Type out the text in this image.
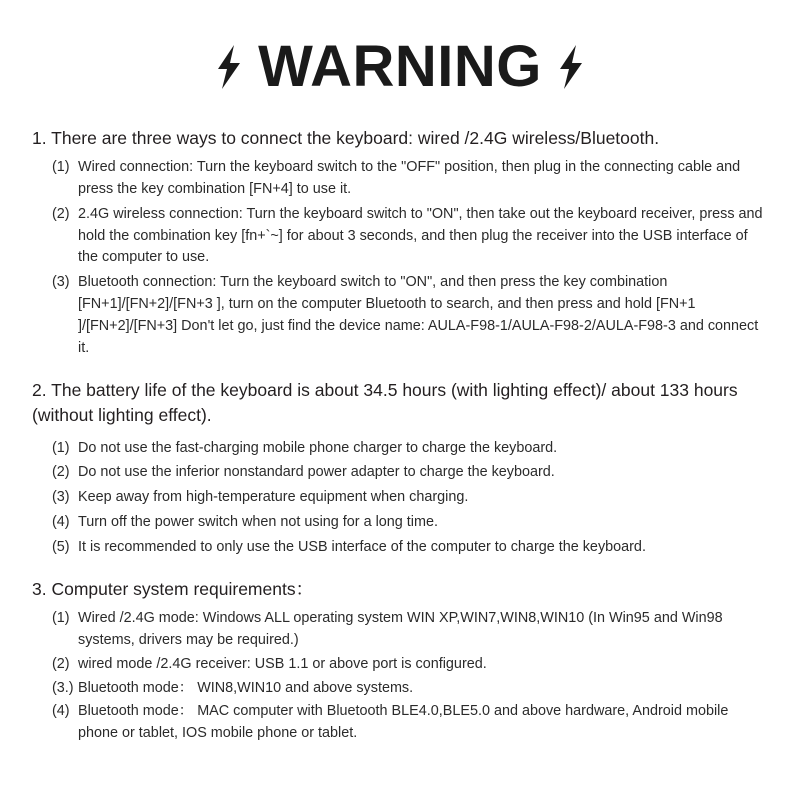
WARNING

1. There are three ways to connect the keyboard: wired /2.4G wireless/Bluetooth.

(1) Wired connection: Turn the keyboard switch to the "OFF" position, then plug in the connecting cable and press the key combination [FN+4] to use it.
(2) 2.4G wireless connection: Turn the keyboard switch to "ON", then take out the keyboard receiver, press and hold the combination key [fn+`~] for about 3 seconds, and then plug the receiver into the USB interface of the computer to use.
(3) Bluetooth connection: Turn the keyboard switch to "ON", and then press the key combination [FN+1]/[FN+2]/[FN+3 ], turn on the computer Bluetooth to search, and then press and hold [FN+1 ]/[FN+2]/[FN+3] Don't let go, just find the device name: AULA-F98-1/AULA-F98-2/AULA-F98-3 and connect it.

2. The battery life of the keyboard is about 34.5 hours (with lighting effect)/ about 133 hours (without lighting effect).

(1) Do not use the fast-charging mobile phone charger to charge the keyboard.
(2) Do not use the inferior nonstandard power adapter to charge the keyboard.
(3) Keep away from high-temperature equipment when charging.
(4) Turn off the power switch when not using for a long time.
(5) It is recommended to only use the USB interface of the computer to charge the keyboard.

3. Computer system requirements：

(1) Wired /2.4G mode: Windows ALL operating system WIN XP,WIN7,WIN8,WIN10 (In Win95 and Win98 systems, drivers may be required.)
(2) wired mode /2.4G receiver: USB 1.1 or above port is configured.
(3.) Bluetooth mode： WIN8,WIN10 and above systems.
(4) Bluetooth mode： MAC computer with Bluetooth BLE4.0,BLE5.0 and above hardware, Android mobile phone or tablet, IOS mobile phone or tablet.
